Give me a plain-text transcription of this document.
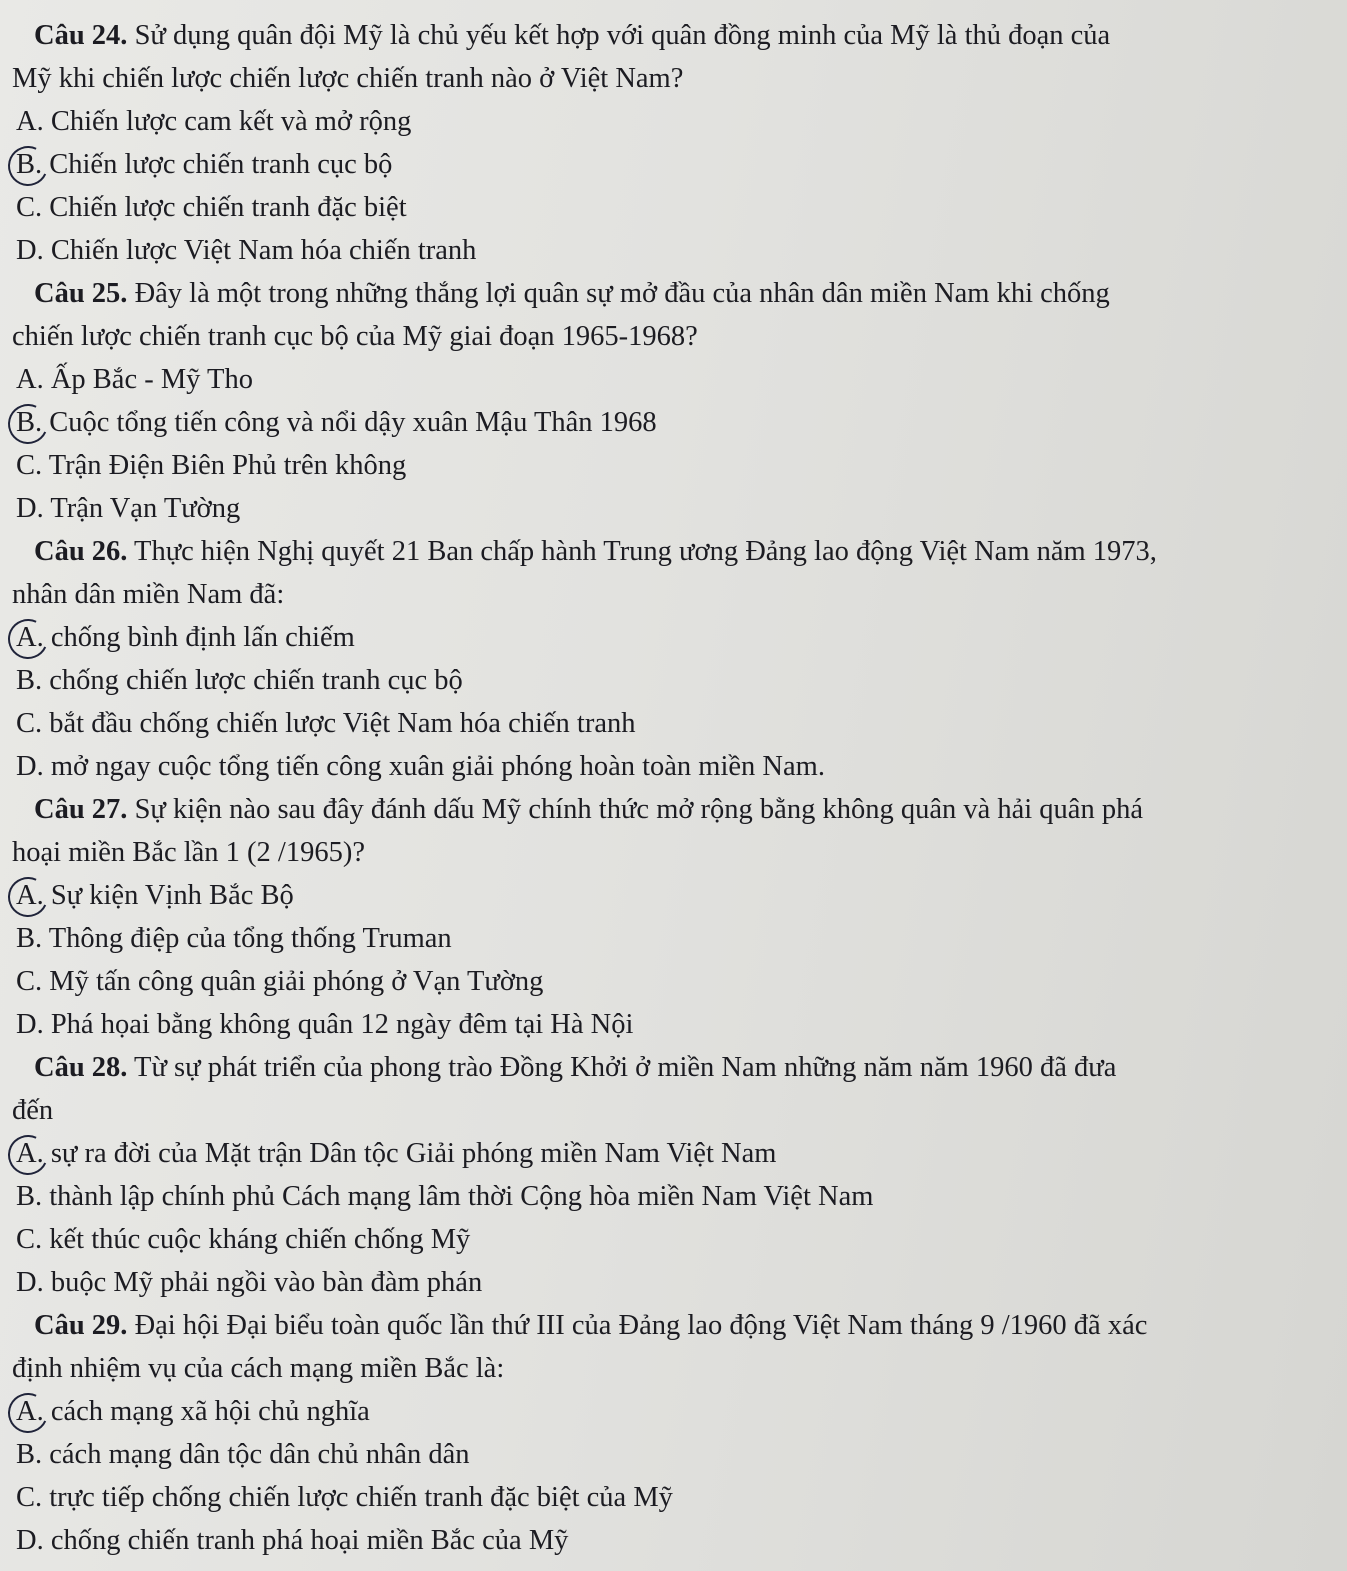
Câu 24. Sử dụng quân đội Mỹ là chủ yếu kết hợp với quân đồng minh của Mỹ là thủ đoạn của
Mỹ khi chiến lược chiến lược chiến tranh nào ở Việt Nam?
A. Chiến lược cam kết và mở rộng
B. Chiến lược chiến tranh cục bộ
C. Chiến lược chiến tranh đặc biệt
D. Chiến lược Việt Nam hóa chiến tranh
Câu 25. Đây là một trong những thắng lợi quân sự mở đầu của nhân dân miền Nam khi chống
chiến lược chiến tranh cục bộ của Mỹ giai đoạn 1965-1968?
A. Ấp Bắc - Mỹ Tho
B. Cuộc tổng tiến công và nổi dậy xuân Mậu Thân 1968
C. Trận Điện Biên Phủ trên không
D. Trận Vạn Tường
Câu 26. Thực hiện Nghị quyết 21 Ban chấp hành Trung ương Đảng lao động Việt Nam năm 1973,
nhân dân miền Nam đã:
A. chống bình định lấn chiếm
B. chống chiến lược chiến tranh cục bộ
C. bắt đầu chống chiến lược Việt Nam hóa chiến tranh
D. mở ngay cuộc tổng tiến công xuân giải phóng hoàn toàn miền Nam.
Câu 27. Sự kiện nào sau đây đánh dấu Mỹ chính thức mở rộng bằng không quân và hải quân phá
hoại miền Bắc lần 1 (2 /1965)?
A. Sự kiện Vịnh Bắc Bộ
B. Thông điệp của tổng thống Truman
C. Mỹ tấn công quân giải phóng ở Vạn Tường
D. Phá họai bằng không quân 12 ngày đêm tại Hà Nội
Câu 28. Từ sự phát triển của phong trào Đồng Khởi ở miền Nam những năm năm 1960 đã đưa
đến
A. sự ra đời của Mặt trận Dân tộc Giải phóng miền Nam Việt Nam
B. thành lập chính phủ Cách mạng lâm thời Cộng hòa miền Nam Việt Nam
C. kết thúc cuộc kháng chiến chống Mỹ
D. buộc Mỹ phải ngồi vào bàn đàm phán
Câu 29. Đại hội Đại biểu toàn quốc lần thứ III của Đảng lao động Việt Nam tháng 9 /1960 đã xác
định nhiệm vụ của cách mạng miền Bắc là:
A. cách mạng xã hội chủ nghĩa
B. cách mạng dân tộc dân chủ nhân dân
C. trực tiếp chống chiến lược chiến tranh đặc biệt của Mỹ
D. chống chiến tranh phá hoại miền Bắc của Mỹ
